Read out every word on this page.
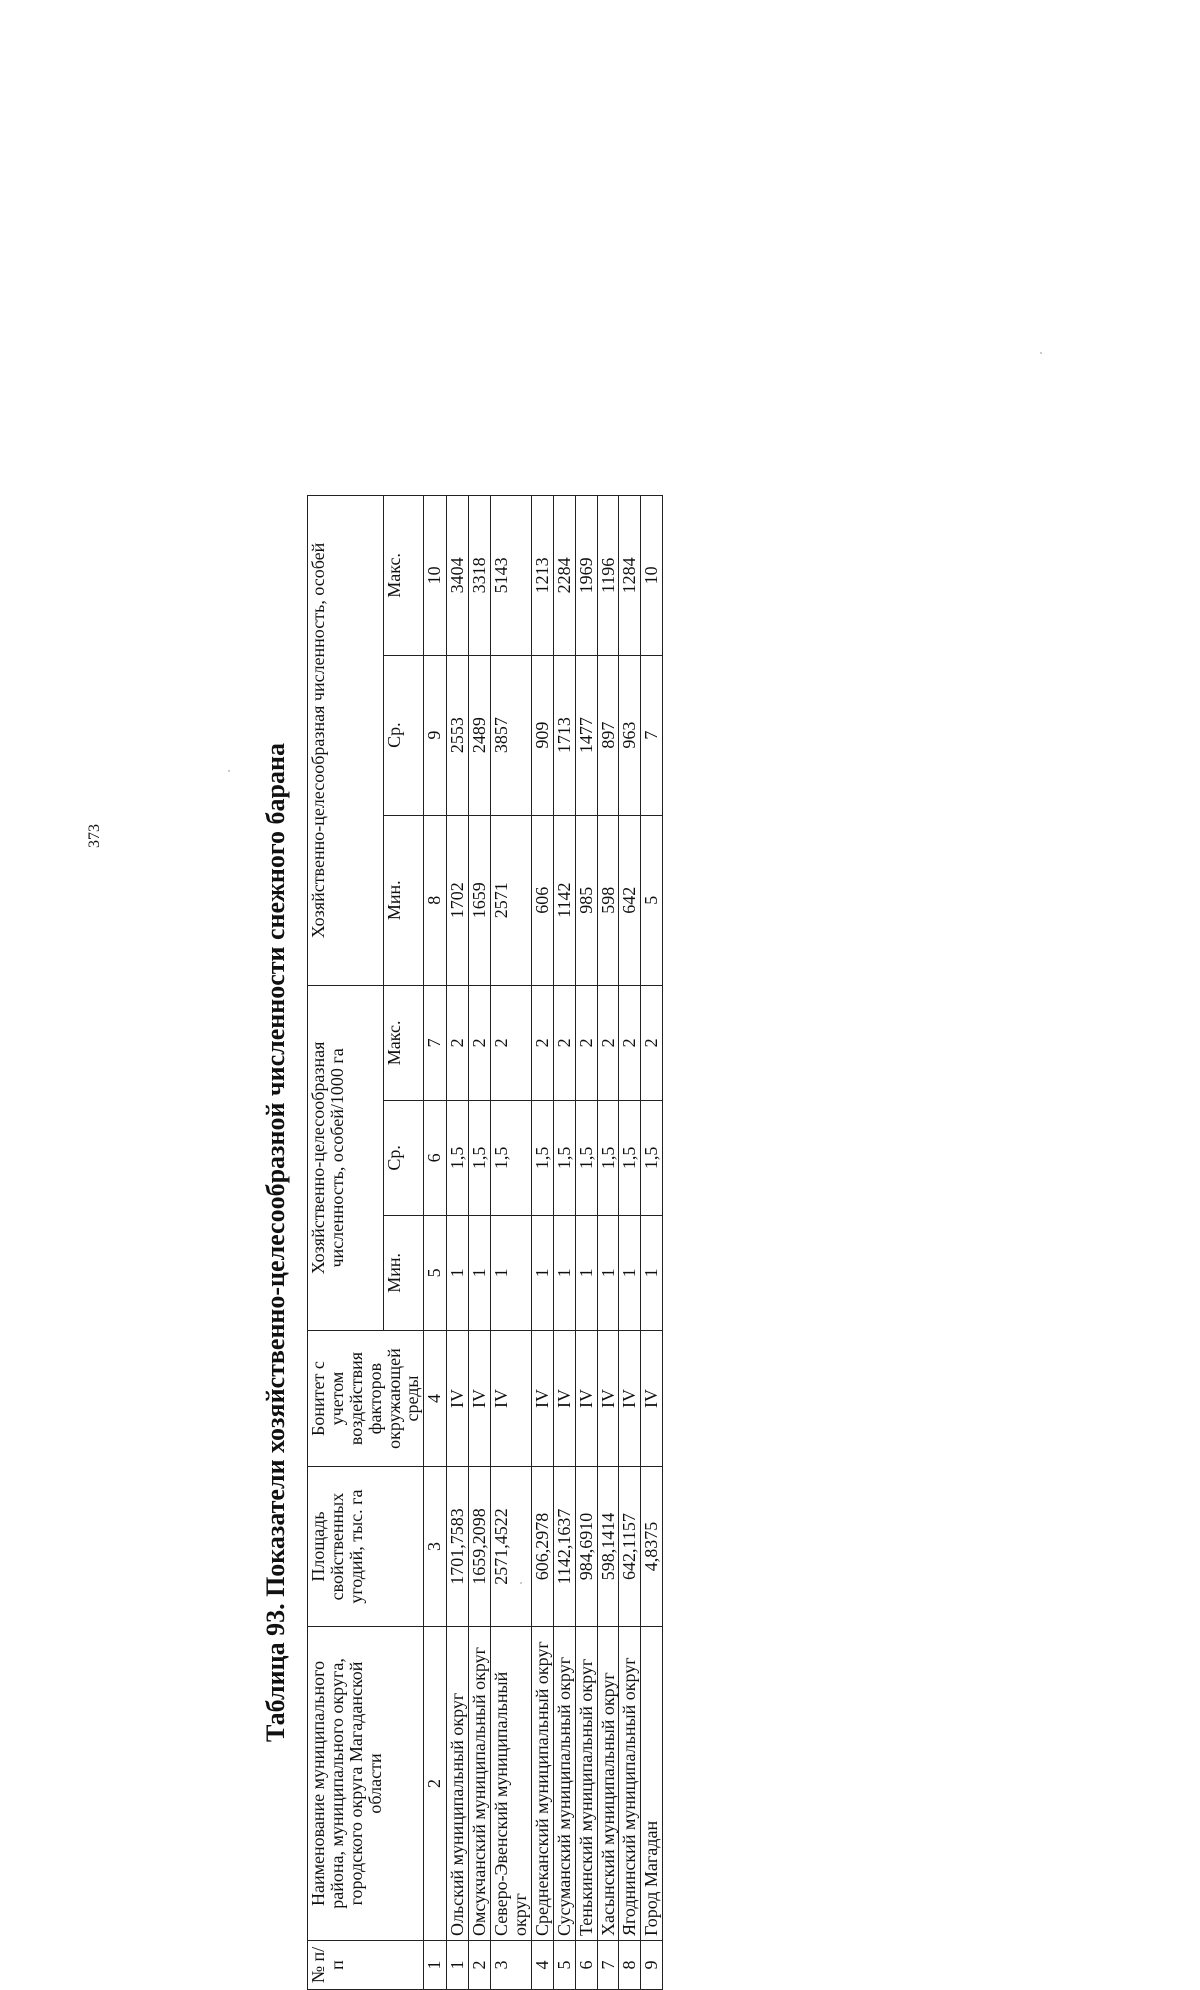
373	Таблица 93. Показатели хозяйственно-целесообразной численности снежного барана
№ п/п	Наименование муниципального района, муниципального округа, городского округа Магаданской области	Площадь свойственных угодий, тыс. га	Бонитет с учетом воздействия факторов окружающей среды	Хозяйственно-целесообразная численность, особей/1000 га			Хозяйственно-целесообразная численность, особей		
				Мин.	Ср.	Макс.	Мин.	Ср.	Макс.
1	2	3	4	5	6	7	8	9	10
1	Ольский муниципальный округ	1701,7583	IV	1	1,5	2	1702	2553	3404
2	Омсукчанский муниципальный округ	1659,2098	IV	1	1,5	2	1659	2489	3318
3	Северо-Эвенский муниципальный округ	2571,4522	IV	1	1,5	2	2571	3857	5143
4	Среднеканский муниципальный округ	606,2978	IV	1	1,5	2	606	909	1213
5	Сусуманский муниципальный округ	1142,1637	IV	1	1,5	2	1142	1713	2284
6	Тенькинский муниципальный округ	984,6910	IV	1	1,5	2	985	1477	1969
7	Хасынский муниципальный округ	598,1414	IV	1	1,5	2	598	897	1196
8	Ягоднинский муниципальный округ	642,1157	IV	1	1,5	2	642	963	1284
9	Город Магадан	4,8375	IV	1	1,5	2	5	7	10
